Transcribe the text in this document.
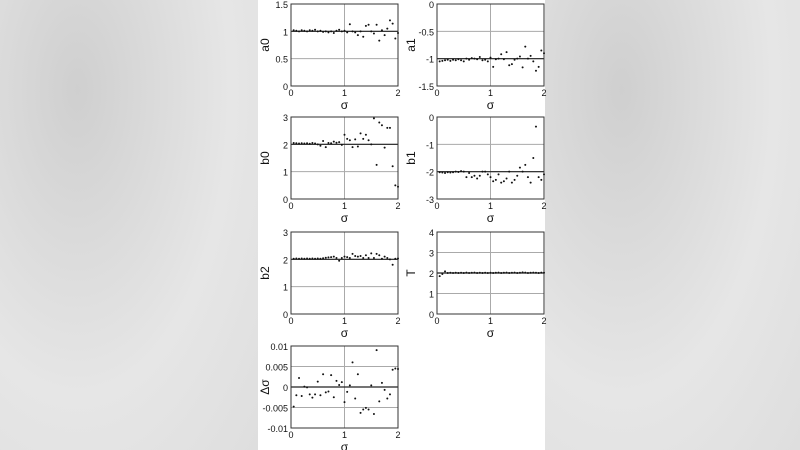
0
0.5
1
1.5
0	1	2
σ
a0
-1.5
-1
-0.5
0
0	1	2
σ
a1
0
1
2
3
0	1	2
σ
b0
-3
-2
-1
0
0	1	2
σ
b1
0
1
2
3
0	1	2
σ
b2
0
1
2
3
4
0	1	2
σ
T
-0.01
-0.005
0
0.005
0.01
0	1	2
σ
Δσ
